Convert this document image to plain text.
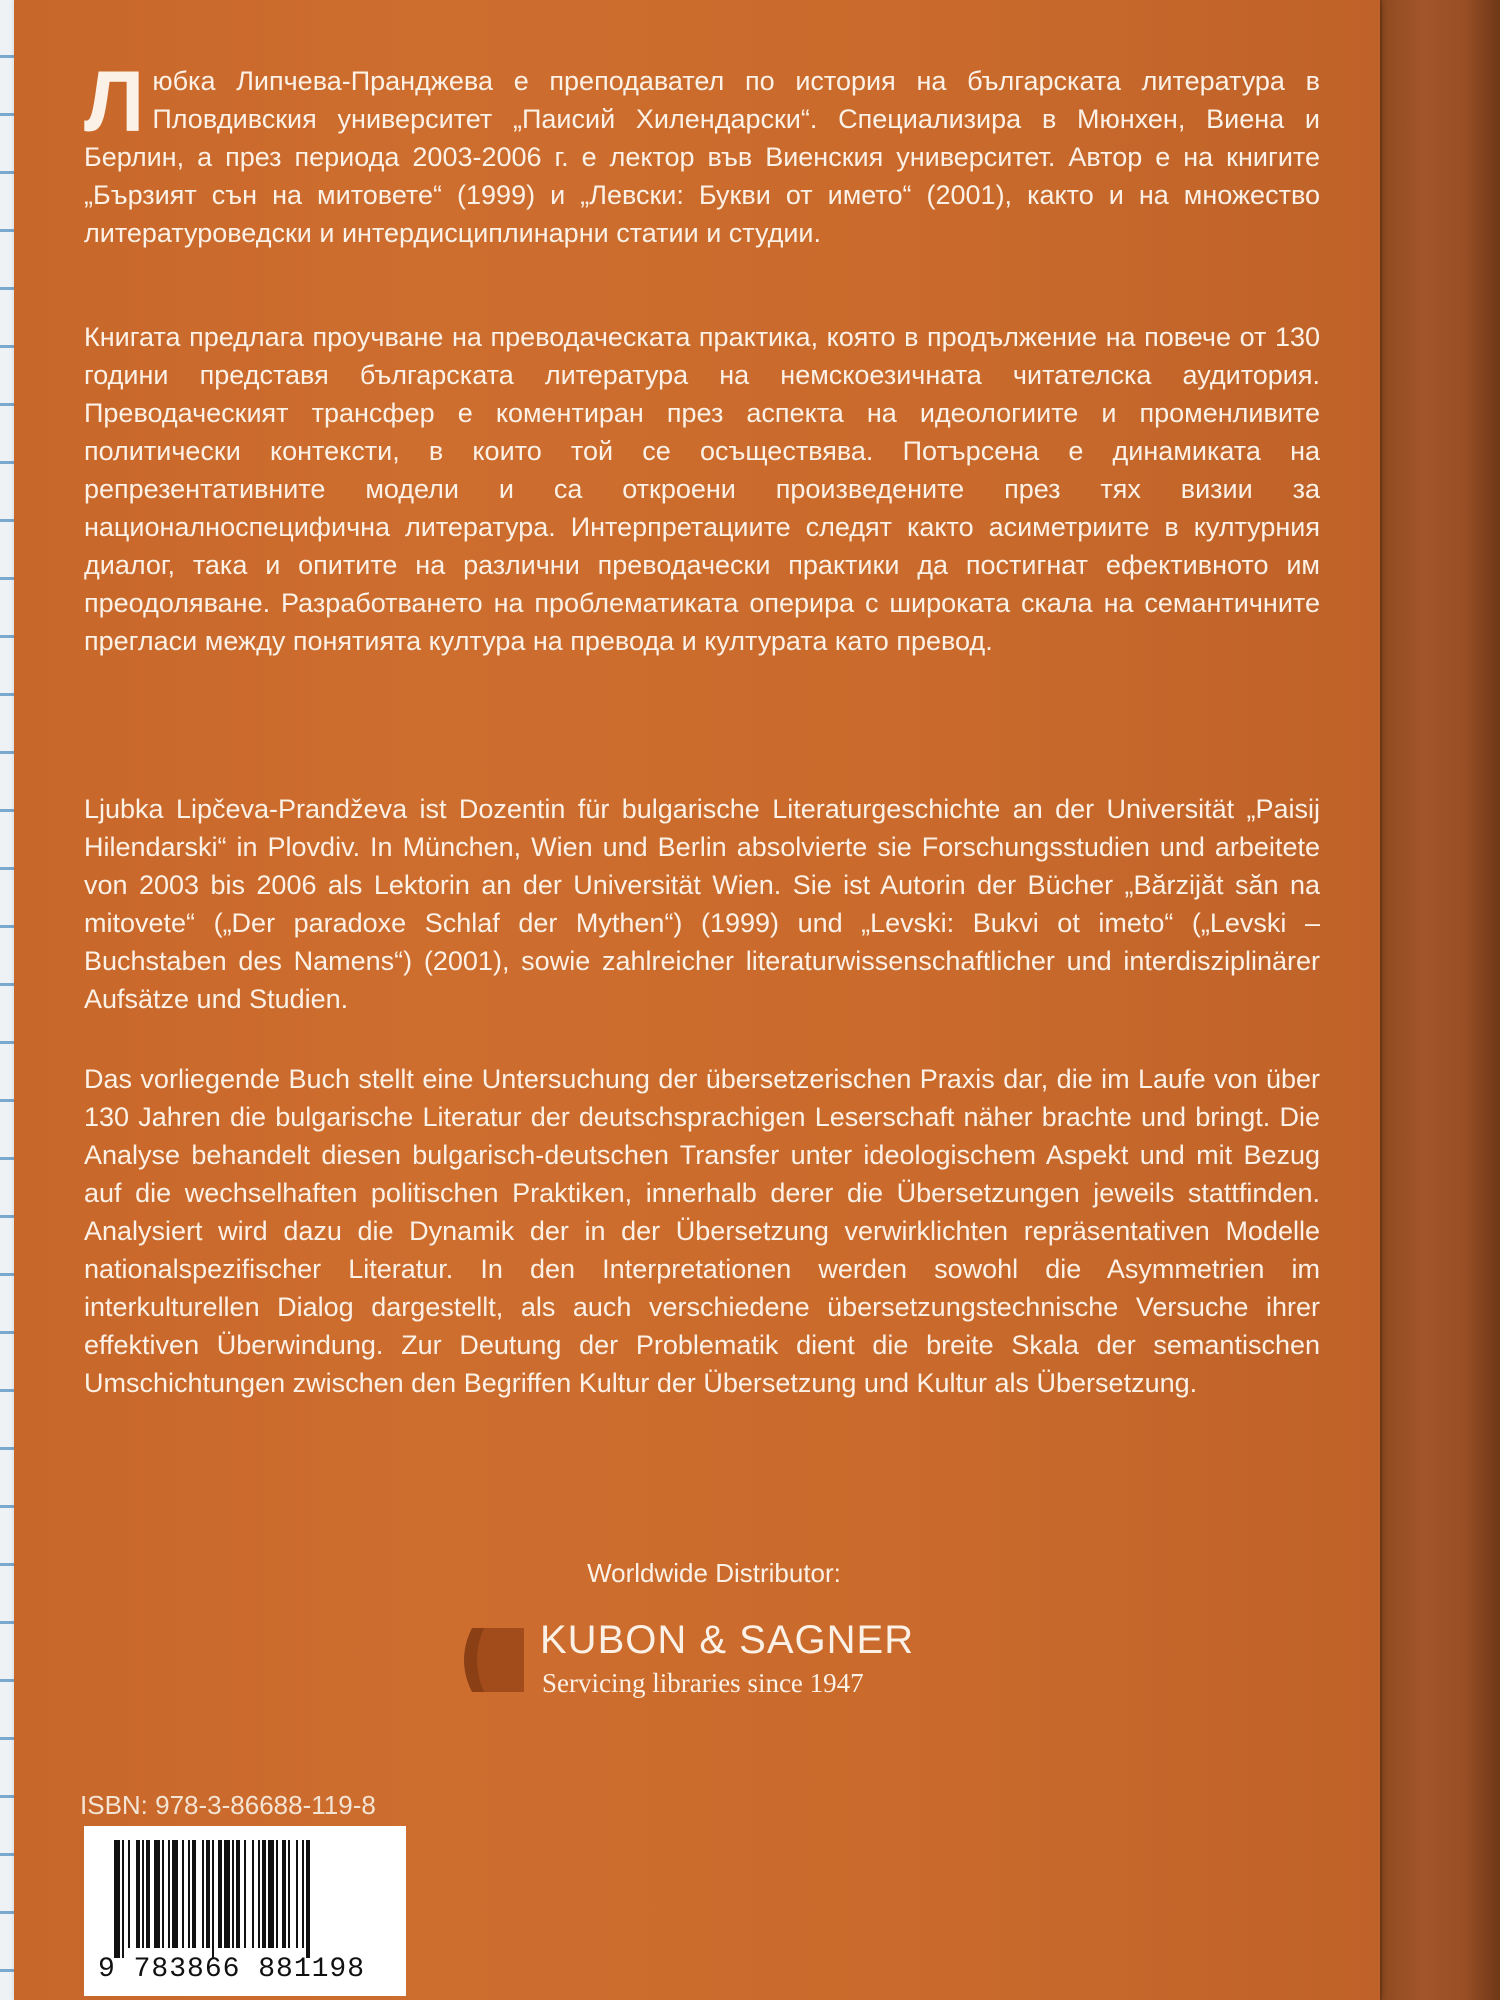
Любка Липчева-Пранджева е преподавател по история на българската литература в Пловдивския университет „Паисий Хилендарски“. Специализира в Мюнхен, Виена и Берлин, а през периода 2003-2006 г. е лектор във Виенския университет. Автор е на книгите „Бързият сън на митовете“ (1999) и „Левски: Букви от името“ (2001), както и на множество литературоведски и интердисциплинарни статии и студии.
Книгата предлага проучване на преводаческата практика, която в продължение на повече от 130 години представя българската литература на немскоезичната читателска аудитория. Преводаческият трансфер е коментиран през аспекта на идеологиите и променливите политически контексти, в които той се осъществява. Потърсена е динамиката на репрезентативните модели и са откроени произведените през тях визии за националноспецифична литература. Интерпретациите следят както асиметриите в културния диалог, така и опитите на различни преводачески практики да постигнат ефективното им преодоляване. Разработването на проблематиката оперира с широката скала на семантичните прегласи между понятията култура на превода и културата като превод.
Ljubka Lipčeva-Prandževa ist Dozentin für bulgarische Literaturgeschichte an der Universität „Paisij Hilendarski“ in Plovdiv. In München, Wien und Berlin absolvierte sie Forschungsstudien und arbeitete von 2003 bis 2006 als Lektorin an der Universität Wien. Sie ist Autorin der Bücher „Bărzijăt săn na mitovete“ („Der paradoxe Schlaf der Mythen“) (1999) und „Levski: Bukvi ot imeto“ („Levski – Buchstaben des Namens“) (2001), sowie zahlreicher literaturwissenschaftlicher und interdisziplinärer Aufsätze und Studien.
Das vorliegende Buch stellt eine Untersuchung der übersetzerischen Praxis dar, die im Laufe von über 130 Jahren die bulgarische Literatur der deutschsprachigen Leserschaft näher brachte und bringt. Die Analyse behandelt diesen bulgarisch-deutschen Transfer unter ideologischem Aspekt und mit Bezug auf die wechselhaften politischen Praktiken, innerhalb derer die Übersetzungen jeweils stattfinden. Analysiert wird dazu die Dynamik der in der Übersetzung verwirklichten repräsentativen Modelle nationalspezifischer Literatur. In den Interpretationen werden sowohl die Asymmetrien im interkulturellen Dialog dargestellt, als auch verschiedene übersetzungstechnische Versuche ihrer effektiven Überwindung. Zur Deutung der Problematik dient die breite Skala der semantischen Umschichtungen zwischen den Begriffen Kultur der Übersetzung und Kultur als Übersetzung.
Worldwide Distributor:
KUBON & SAGNER
Servicing libraries since 1947
ISBN: 978-3-86688-119-8
9 783866 881198
